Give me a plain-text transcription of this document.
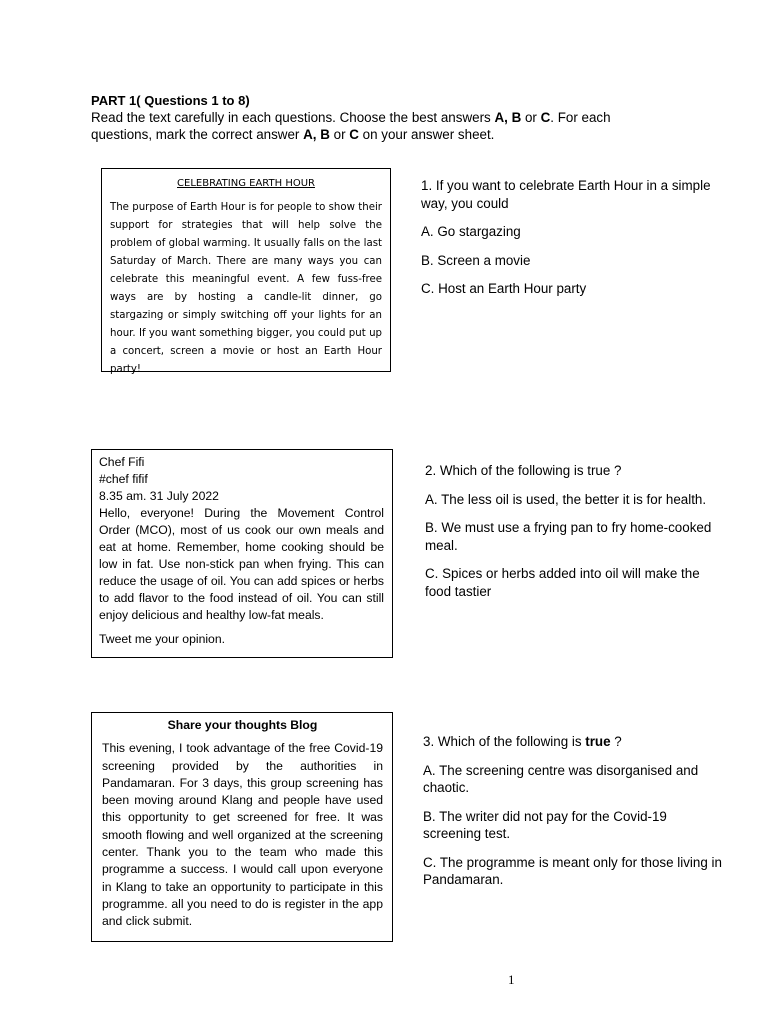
PART 1( Questions 1 to 8)
Read the text carefully in each questions. Choose the best answers A, B or C. For each questions, mark the correct answer A, B or C on your answer sheet.
CELEBRATING EARTH HOUR
The purpose of Earth Hour is for people to show their support for strategies that will help solve the problem of global warming. It usually falls on the last Saturday of March. There are many ways you can celebrate this meaningful event. A few fuss-free ways are by hosting a candle-lit dinner, go stargazing or simply switching off your lights for an hour. If you want something bigger, you could put up a concert, screen a movie or host an Earth Hour party!
1. If you want to celebrate Earth Hour in a simple way, you could
A. Go stargazing
B. Screen a movie
C. Host an Earth Hour party
Chef Fifi
#chef fifif
8.35 am. 31 July 2022
Hello, everyone! During the Movement Control Order (MCO), most of us cook our own meals and eat at home. Remember, home cooking should be low in fat. Use non-stick pan when frying. This can reduce the usage of oil. You can add spices or herbs to add flavor to the food instead of oil. You can still enjoy delicious and healthy low-fat meals.
Tweet me your opinion.
2. Which of the following is true ?
A. The less oil is used, the better it is for health.
B. We must use a frying pan to fry home-cooked meal.
C. Spices or herbs added into oil will make the food tastier
Share your thoughts Blog
This evening, I took advantage of the free Covid-19 screening provided by the authorities in Pandamaran. For 3 days, this group screening has been moving around Klang and people have used this opportunity to get screened for free. It was smooth flowing and well organized at the screening center. Thank you to the team who made this programme a success. I would call upon everyone in Klang to take an opportunity to participate in this programme. all you need to do is register in the app and click submit.
3. Which of the following is true ?
A. The screening centre was disorganised and chaotic.
B. The writer did not pay for the Covid-19 screening test.
C. The programme is meant only for those living in Pandamaran.
1
